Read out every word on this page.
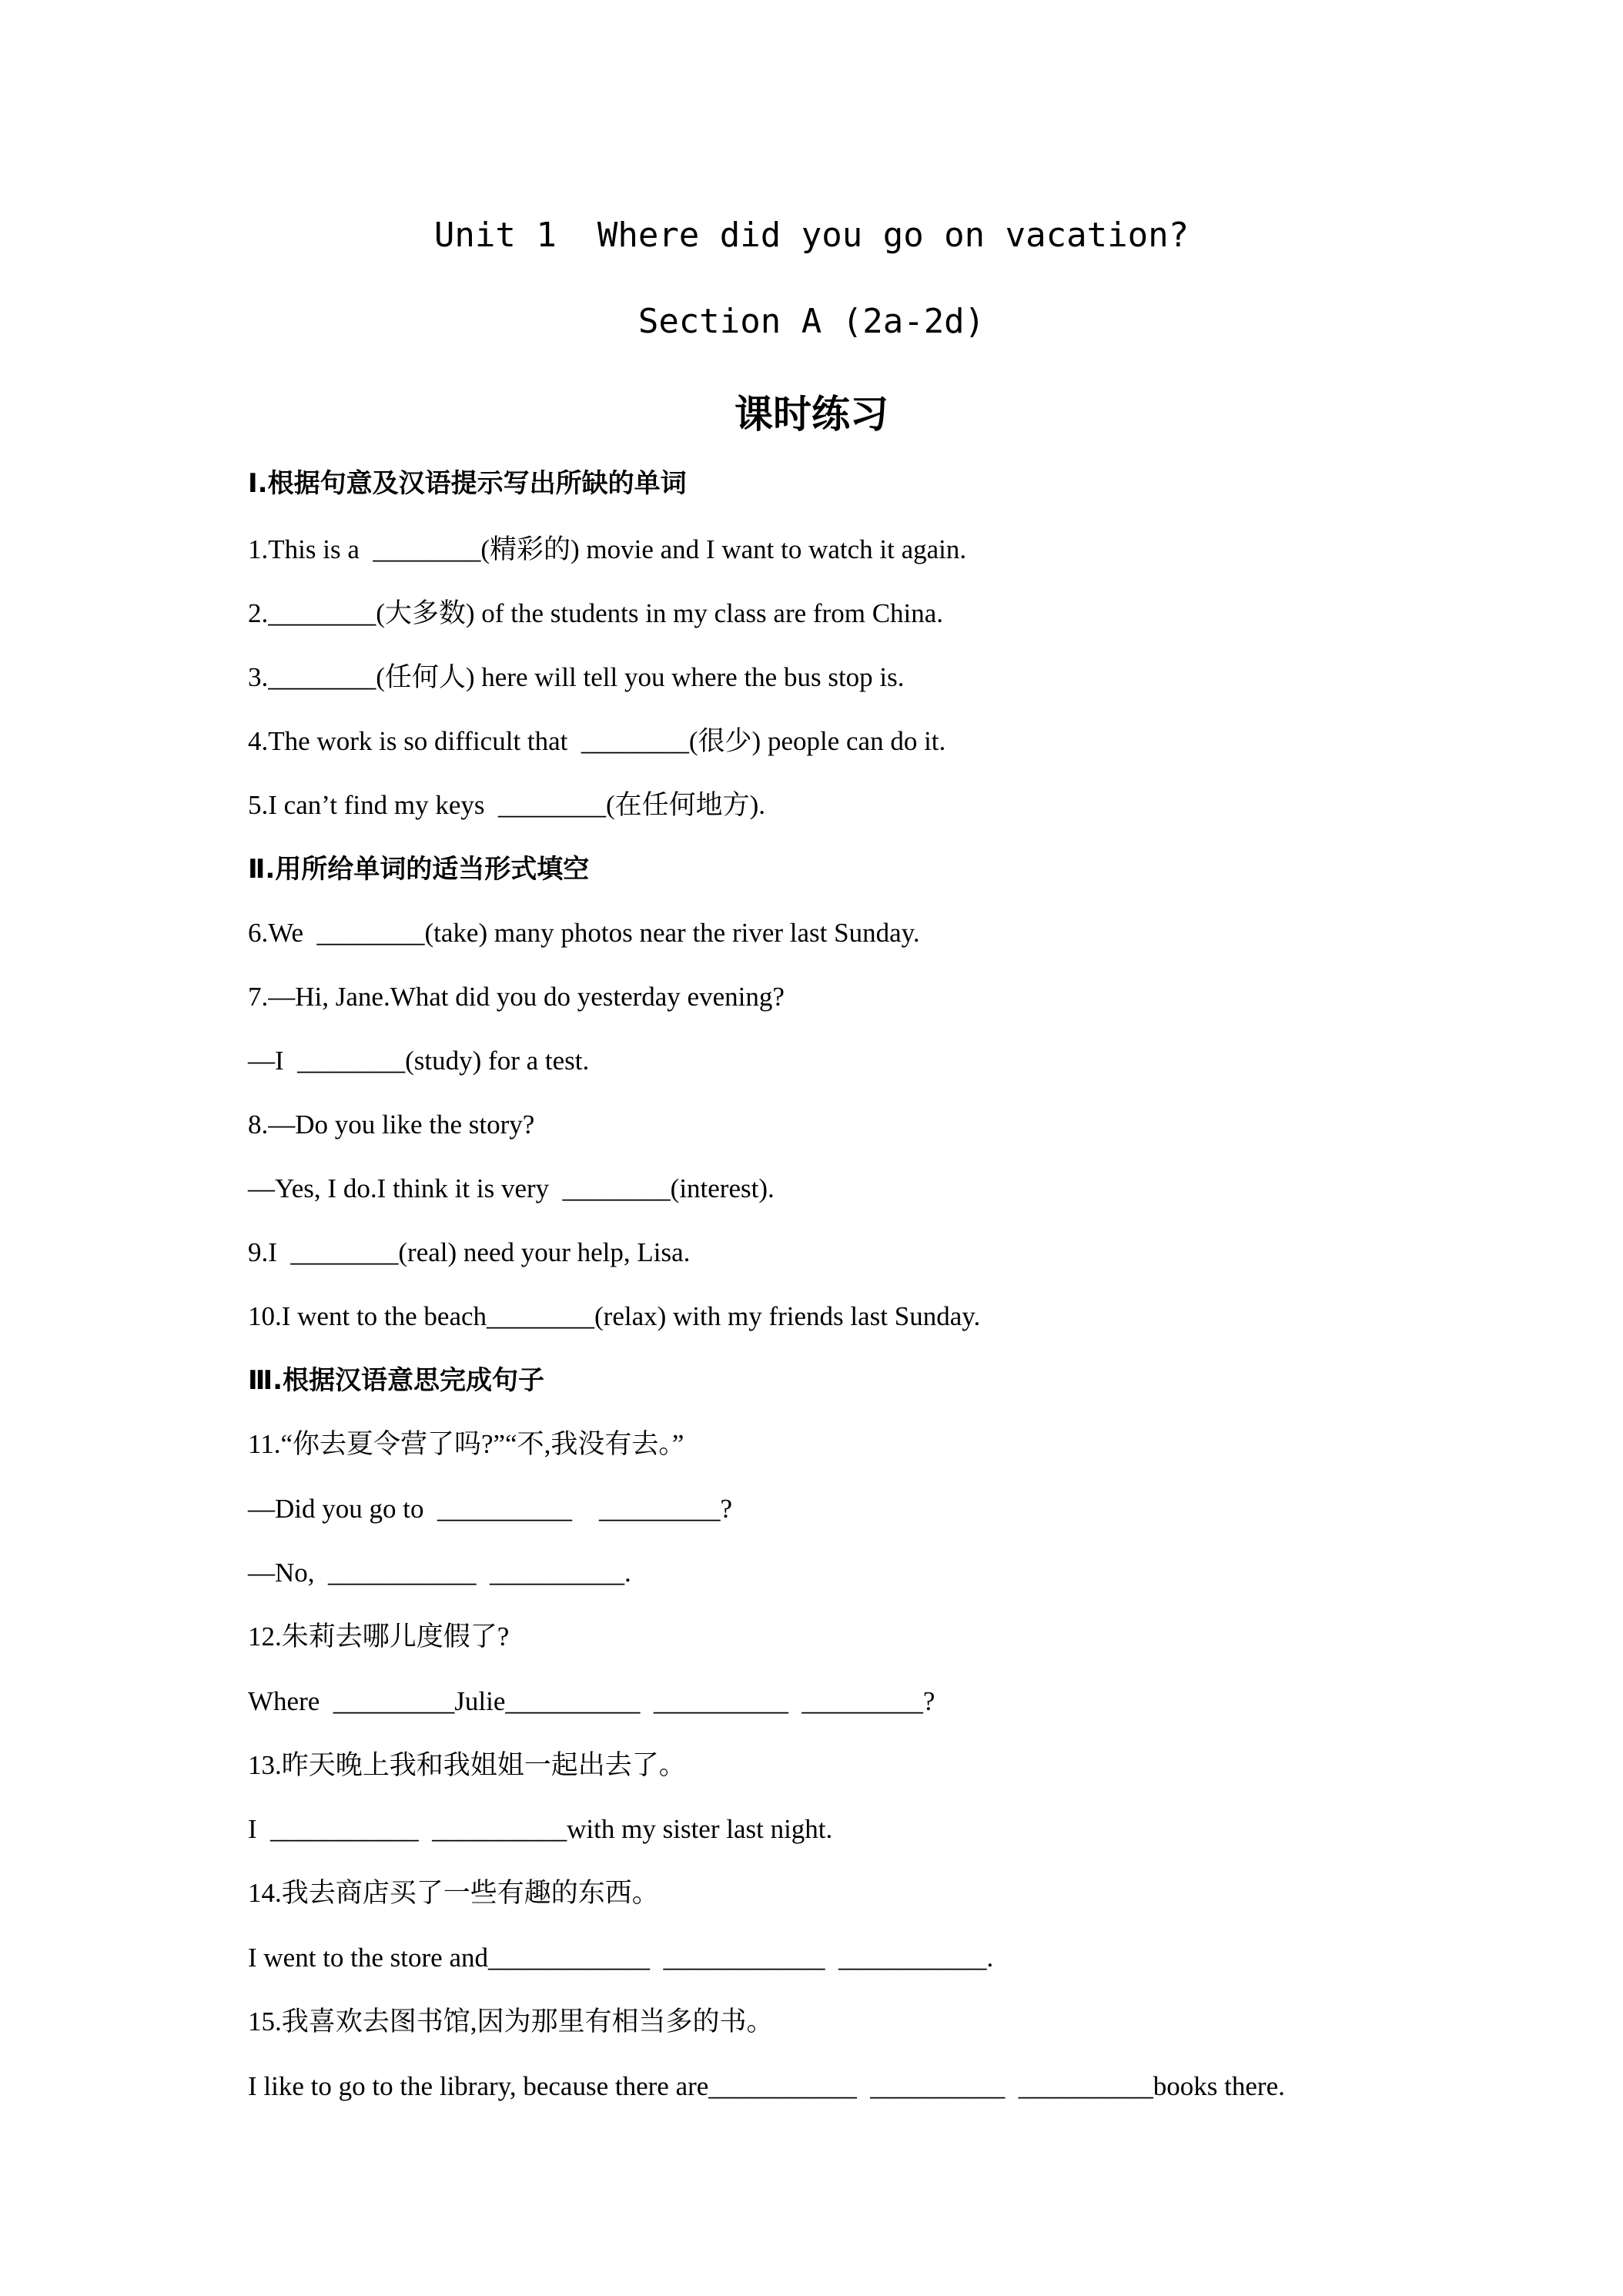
Unit 1  Where did you go on vacation?
Section A (2a-2d)
课时练习
Ⅰ.根据句意及汉语提示写出所缺的单词
1.This is a  ________(精彩的) movie and I want to watch it again.
2.________(大多数) of the students in my class are from China.
3.________(任何人) here will tell you where the bus stop is.
4.The work is so difficult that  ________(很少) people can do it.
5.I can’t find my keys  ________(在任何地方).
Ⅱ.用所给单词的适当形式填空
6.We  ________(take) many photos near the river last Sunday.
7.—Hi, Jane.What did you do yesterday evening?
—I  ________(study) for a test.
8.—Do you like the story?
—Yes, I do.I think it is very  ________(interest).
9.I  ________(real) need your help, Lisa.
10.I went to the beach________(relax) with my friends last Sunday.
Ⅲ.根据汉语意思完成句子
11.“你去夏令营了吗?”“不,我没有去。”
—Did you go to  __________    _________?
—No,  ___________  __________.
12.朱莉去哪儿度假了?
Where  _________Julie__________  __________  _________?
13.昨天晚上我和我姐姐一起出去了。
I  ___________  __________with my sister last night.
14.我去商店买了一些有趣的东西。
I went to the store and____________  ____________  ___________.
15.我喜欢去图书馆,因为那里有相当多的书。
I like to go to the library, because there are___________  __________  __________books there.
